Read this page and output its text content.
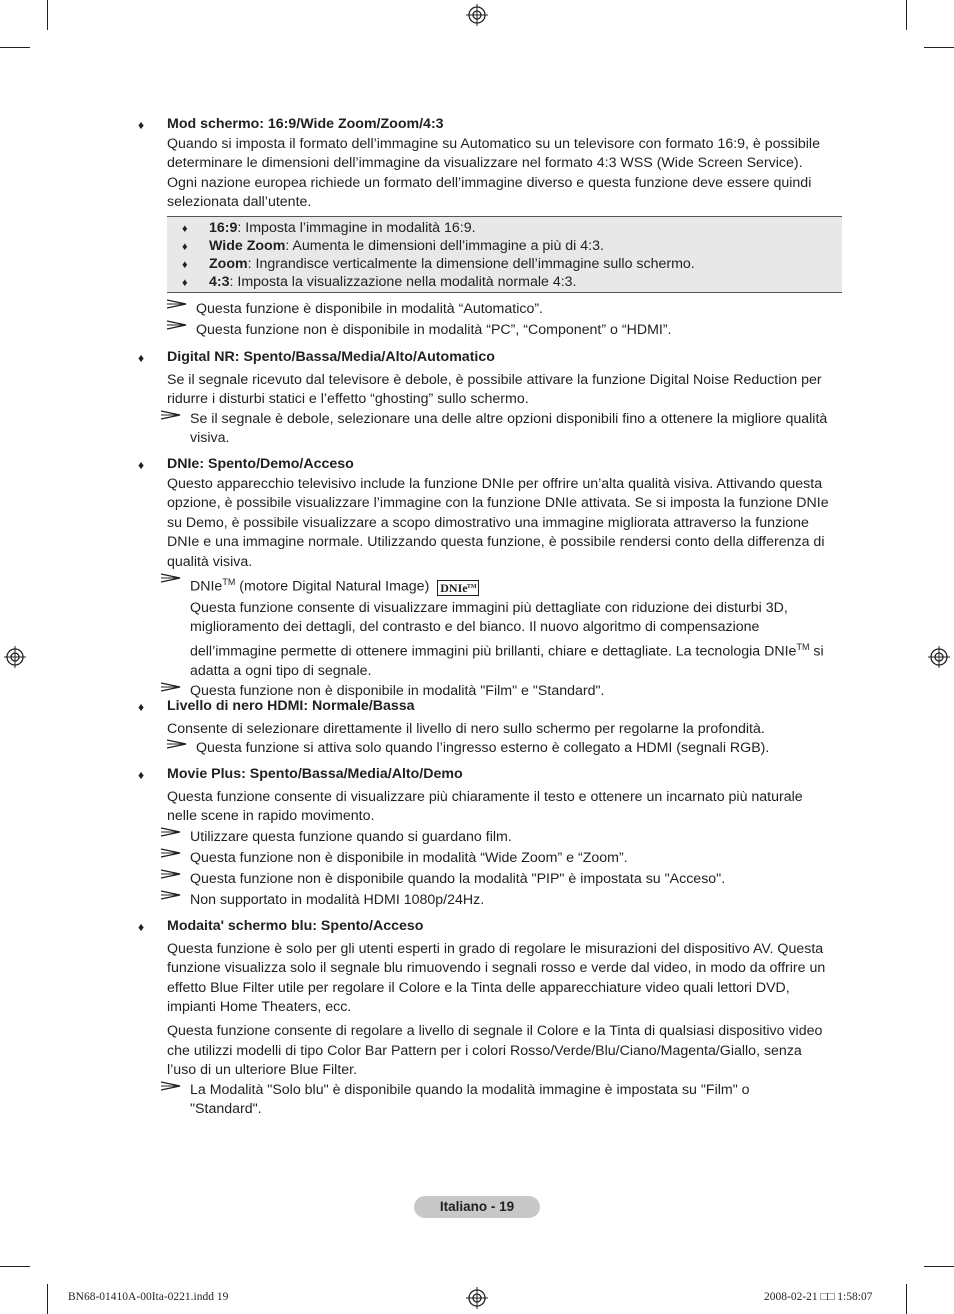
♦ Mod schermo: 16:9/Wide Zoom/Zoom/4:3
Quando si imposta il formato dell’immagine su Automatico su un televisore con formato 16:9, è possibile determinare le dimensioni dell’immagine da visualizzare nel formato 4:3 WSS (Wide Screen Service). Ogni nazione europea richiede un formato dell’immagine diverso e questa funzione deve essere quindi selezionata dall’utente.
♦ 16:9: Imposta l’immagine in modalità 16:9.
♦ Wide Zoom: Aumenta le dimensioni dell’immagine a più di 4:3.
♦ Zoom: Ingrandisce verticalmente la dimensione dell’immagine sullo schermo.
♦ 4:3: Imposta la visualizzazione nella modalità normale 4:3.
Questa funzione è disponibile in modalità “Automatico”.
Questa funzione non è disponibile in modalità “PC”, “Component” o “HDMI”.
♦ Digital NR: Spento/Bassa/Media/Alto/Automatico
Se il segnale ricevuto dal televisore è debole, è possibile attivare la funzione Digital Noise Reduction per ridurre i disturbi statici e l’effetto “ghosting” sullo schermo.
Se il segnale è debole, selezionare una delle altre opzioni disponibili fino a ottenere la migliore qualità visiva.
♦ DNIe: Spento/Demo/Acceso
Questo apparecchio televisivo include la funzione DNIe per offrire un’alta qualità visiva. Attivando questa opzione, è possibile visualizzare l’immagine con la funzione DNIe attivata. Se si imposta la funzione DNIe su Demo, è possibile visualizzare a scopo dimostrativo una immagine migliorata attraverso la funzione DNIe e una immagine normale. Utilizzando questa funzione, è possibile rendersi conto della differenza di qualità visiva.
DNIe™ (motore Digital Natural Image) DNIe TM
Questa funzione consente di visualizzare immagini più dettagliate con riduzione dei disturbi 3D, miglioramento dei dettagli, del contrasto e del bianco. Il nuovo algoritmo di compensazione dell’immagine permette di ottenere immagini più brillanti, chiare e dettagliate. La tecnologia DNIe™ si adatta a ogni tipo di segnale.
Questa funzione non è disponibile in modalità "Film" e "Standard".
♦ Livello di nero HDMI: Normale/Bassa
Consente di selezionare direttamente il livello di nero sullo schermo per regolarne la profondità.
Questa funzione si attiva solo quando l’ingresso esterno è collegato a HDMI (segnali RGB).
♦ Movie Plus: Spento/Bassa/Media/Alto/Demo
Questa funzione consente di visualizzare più chiaramente il testo e ottenere un incarnato più naturale nelle scene in rapido movimento.
Utilizzare questa funzione quando si guardano film.
Questa funzione non è disponibile in modalità “Wide Zoom” e “Zoom”.
Questa funzione non è disponibile quando la modalità "PIP" è impostata su "Acceso".
Non supportato in modalità HDMI 1080p/24Hz.
♦ Modaita' schermo blu: Spento/Acceso
Questa funzione è solo per gli utenti esperti in grado di regolare le misurazioni del dispositivo AV. Questa funzione visualizza solo il segnale blu rimuovendo i segnali rosso e verde dal video, in modo da offrire un effetto Blue Filter utile per regolare il Colore e la Tinta delle apparecchiature video quali lettori DVD, impianti Home Theaters, ecc.
Questa funzione consente di regolare a livello di segnale il Colore e la Tinta di qualsiasi dispositivo video che utilizzi modelli di tipo Color Bar Pattern per i colori Rosso/Verde/Blu/Ciano/Magenta/Giallo, senza l’uso di un ulteriore Blue Filter.
La Modalità "Solo blu" è disponibile quando la modalità immagine è impostata su "Film" o "Standard".
Italiano - 19
BN68-01410A-00Ita-0221.indd 19	2008-02-21 □□ 1:58:07
